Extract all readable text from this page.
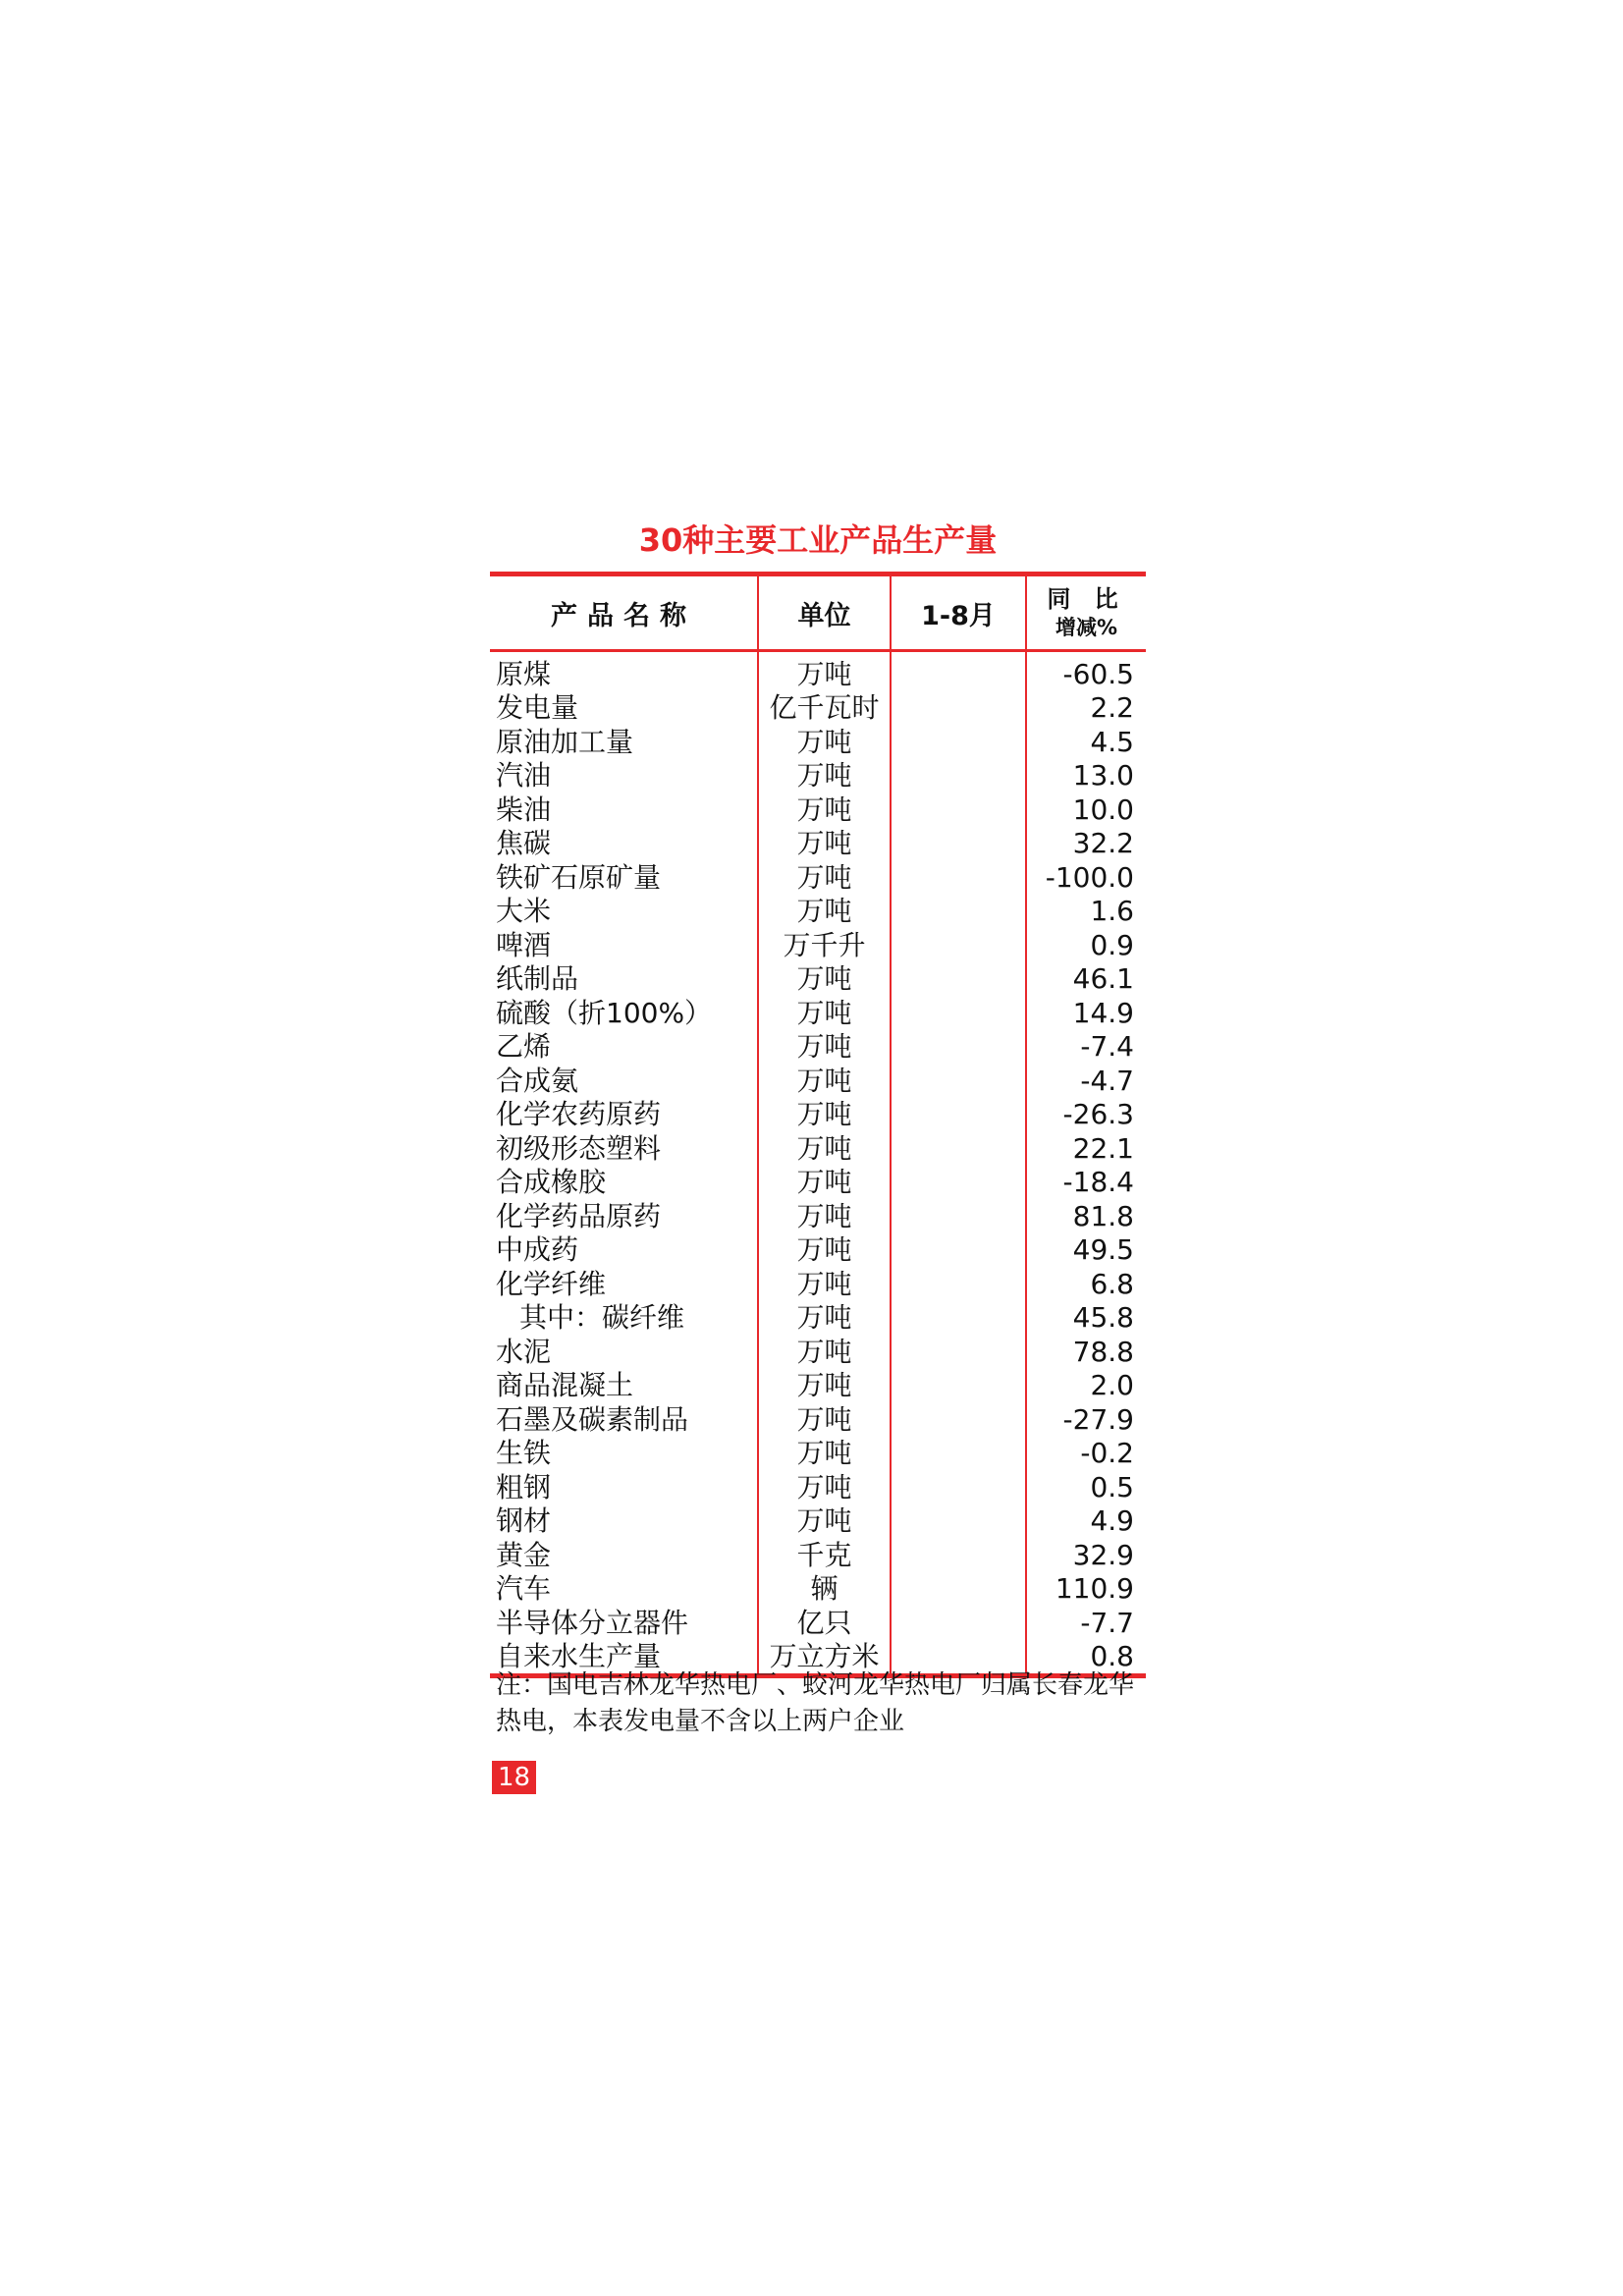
30种主要工业产品生产量
产品名称	单位	1-8月	同 比
增减%

原煤	万吨		-60.5
发电量	亿千瓦时		2.2
原油加工量	万吨		4.5
汽油	万吨		13.0
柴油	万吨		10.0
焦碳	万吨		32.2
铁矿石原矿量	万吨		-100.0
大米	万吨		1.6
啤酒	万千升		0.9
纸制品	万吨		46.1
硫酸（折100%）	万吨		14.9
乙烯	万吨		-7.4
合成氨	万吨		-4.7
化学农药原药	万吨		-26.3
初级形态塑料	万吨		22.1
合成橡胶	万吨		-18.4
化学药品原药	万吨		81.8
中成药	万吨		49.5
化学纤维	万吨		6.8
其中：碳纤维	万吨		45.8
水泥	万吨		78.8
商品混凝土	万吨		2.0
石墨及碳素制品	万吨		-27.9
生铁	万吨		-0.2
粗钢	万吨		0.5
钢材	万吨		4.9
黄金	千克		32.9
汽车	辆		110.9
半导体分立器件	亿只		-7.7
自来水生产量	万立方米		0.8
注：国电吉林龙华热电厂、蛟河龙华热电厂归属长春龙华热电，本表发电量不含以上两户企业
18
